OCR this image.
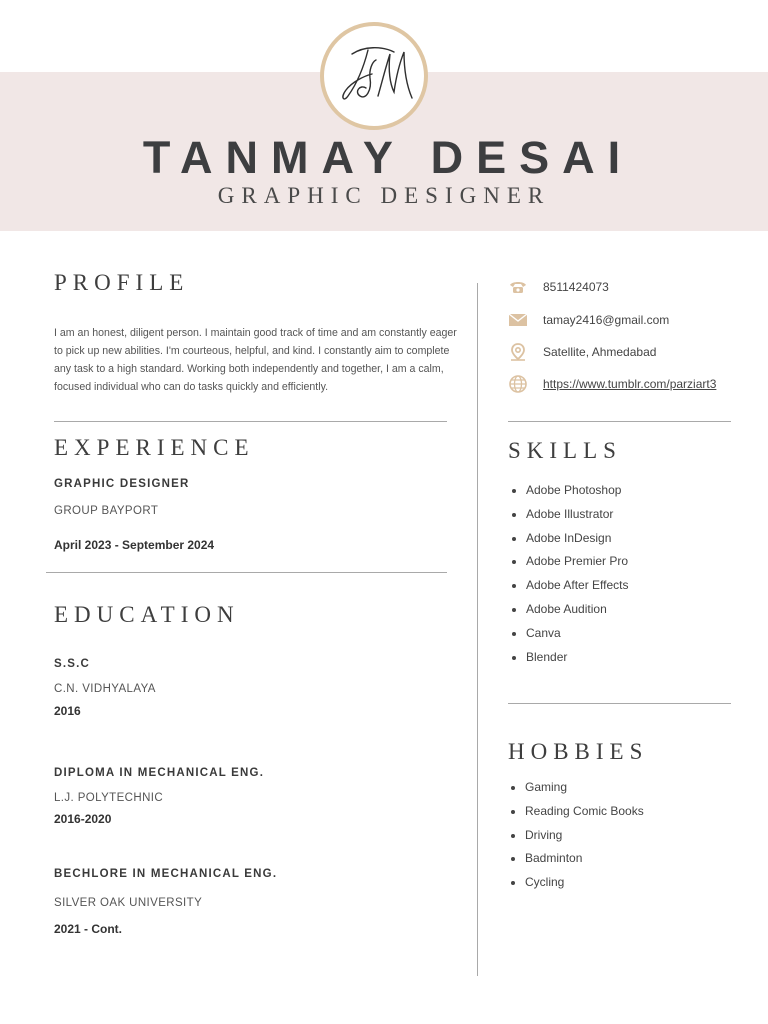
TANMAY DESAI
GRAPHIC DESIGNER
PROFILE
I am an honest, diligent person. I maintain good track of time and am constantly eager to pick up new abilities. I'm courteous, helpful, and kind. I constantly aim to complete any task to a high standard. Working both independently and together, I am a calm, focused individual who can do tasks quickly and efficiently.
EXPERIENCE
GRAPHIC DESIGNER
GROUP BAYPORT
April 2023 - September 2024
EDUCATION
S.S.C
C.N. VIDHYALAYA
2016
DIPLOMA IN MECHANICAL ENG.
L.J. POLYTECHNIC
2016-2020
BECHLORE IN MECHANICAL ENG.
SILVER OAK UNIVERSITY
2021 - Cont.
8511424073
tamay2416@gmail.com
Satellite, Ahmedabad
https://www.tumblr.com/parziart3
SKILLS
• Adobe Photoshop
• Adobe Illustrator
• Adobe InDesign
• Adobe Premier Pro
• Adobe After Effects
• Adobe Audition
• Canva
• Blender
HOBBIES
• Gaming
• Reading Comic Books
• Driving
• Badminton
• Cycling
